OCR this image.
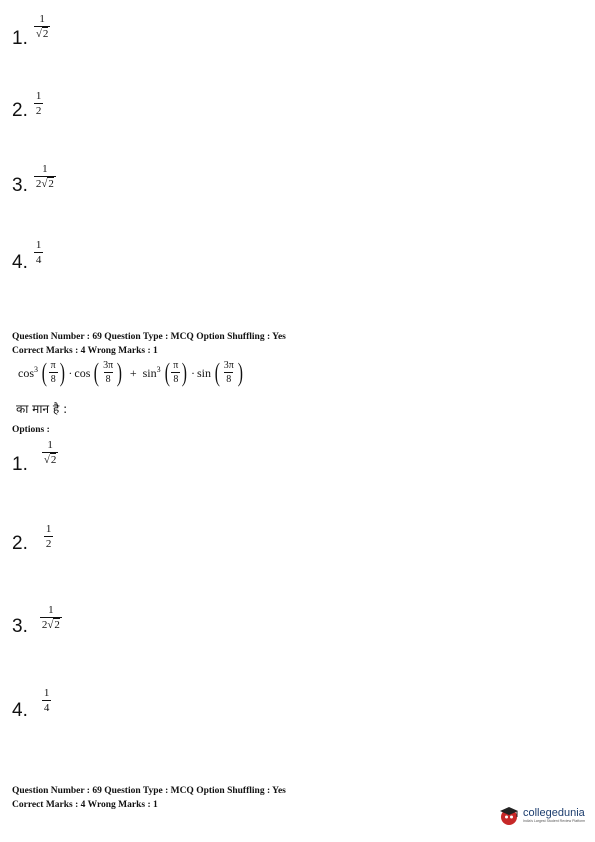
1. $\frac{1}{√2}$
2. $\frac{1}{2}$
3. $\frac{1}{2√2}$
4. $\frac{1}{4}$
Question Number : 69 Question Type : MCQ Option Shuffling : Yes
Correct Marks : 4 Wrong Marks : 1
$\cos^3$ ( $\frac{\pi}{8}$ ) · cos ( $\frac{3\pi}{8}$ ) + $\sin^3$ ( $\frac{\pi}{8}$ ) · sin ( $\frac{3\pi}{8}$ )
का मान है :
Options :
1. $\frac{1}{√2}$
2. $\frac{1}{2}$
3. $\frac{1}{2√2}$
4. $\frac{1}{4}$
Question Number : 69 Question Type : MCQ Option Shuffling : Yes
Correct Marks : 4 Wrong Marks : 1
collegedunia
India's Largest Student Review Platform
